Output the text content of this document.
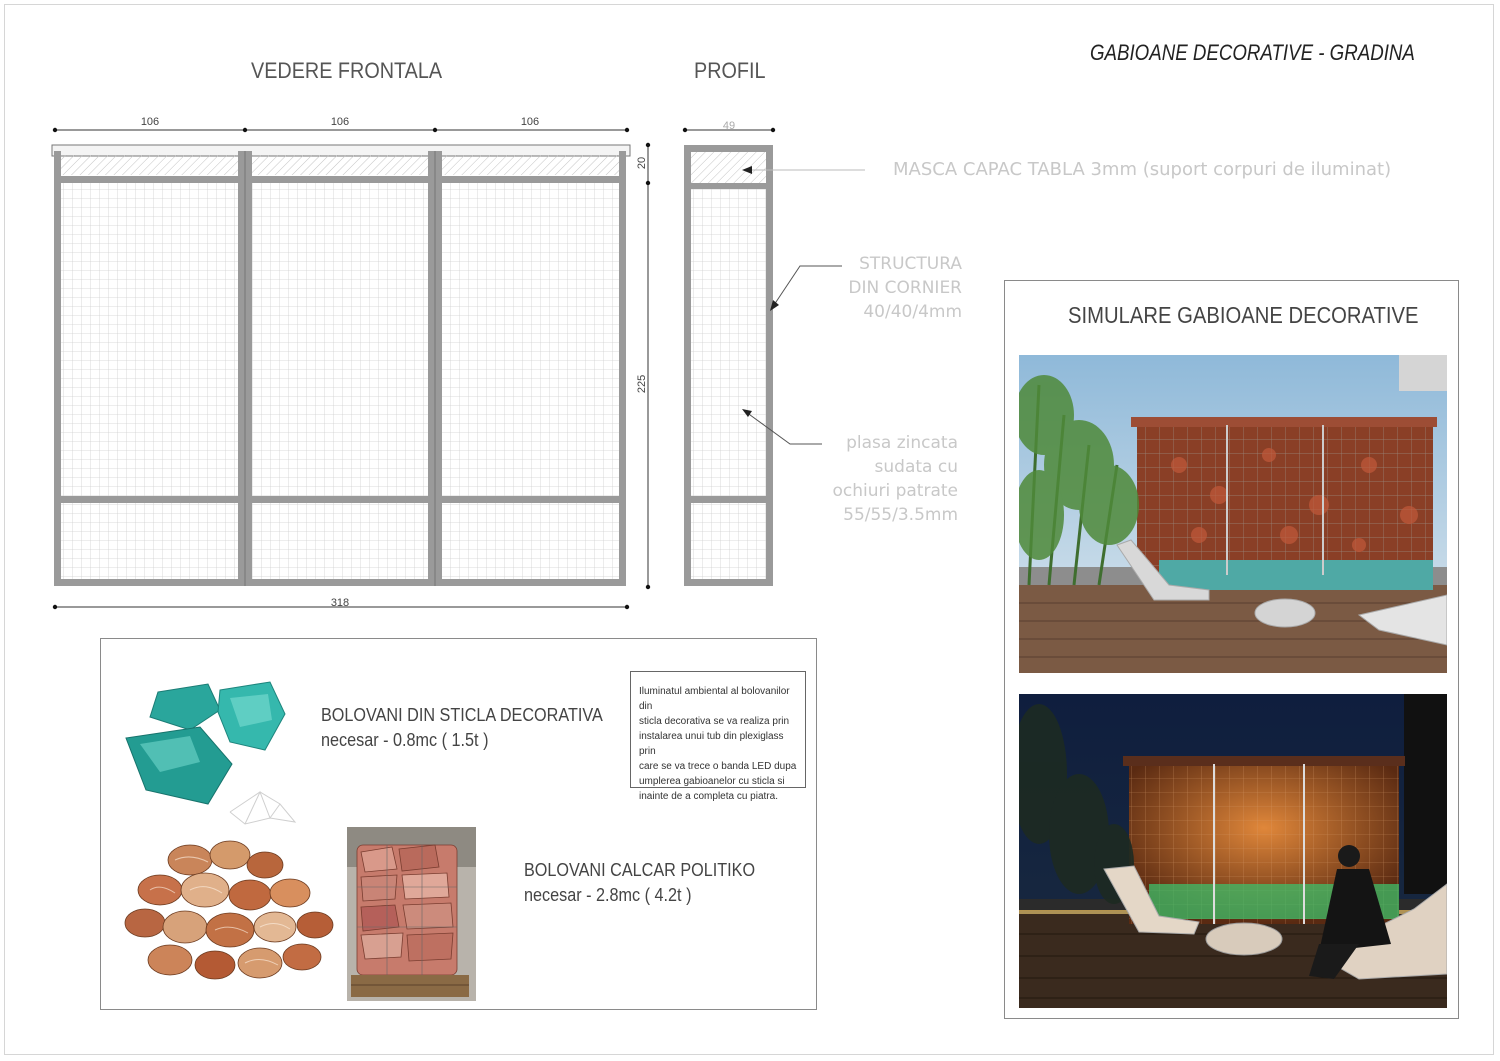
GABIOANE DECORATIVE - GRADINA
VEDERE FRONTALA	PROFIL
106	106	106
20
225
318
49
MASCA CAPAC TABLA 3mm (suport corpuri de iluminat)
STRUCTURA
DIN CORNIER
40/40/4mm
plasa zincata
sudata cu
ochiuri patrate
55/55/3.5mm
BOLOVANI DIN STICLA DECORATIVA
necesar - 0.8mc ( 1.5t )
Iluminatul ambiental al bolovanilor din
sticla decorativa se va realiza prin
instalarea unui tub din plexiglass prin
care se va trece o banda LED dupa
umplerea gabioanelor cu sticla si
inainte de a completa cu piatra.
BOLOVANI CALCAR POLITIKO
necesar - 2.8mc ( 4.2t )
SIMULARE GABIOANE DECORATIVE
